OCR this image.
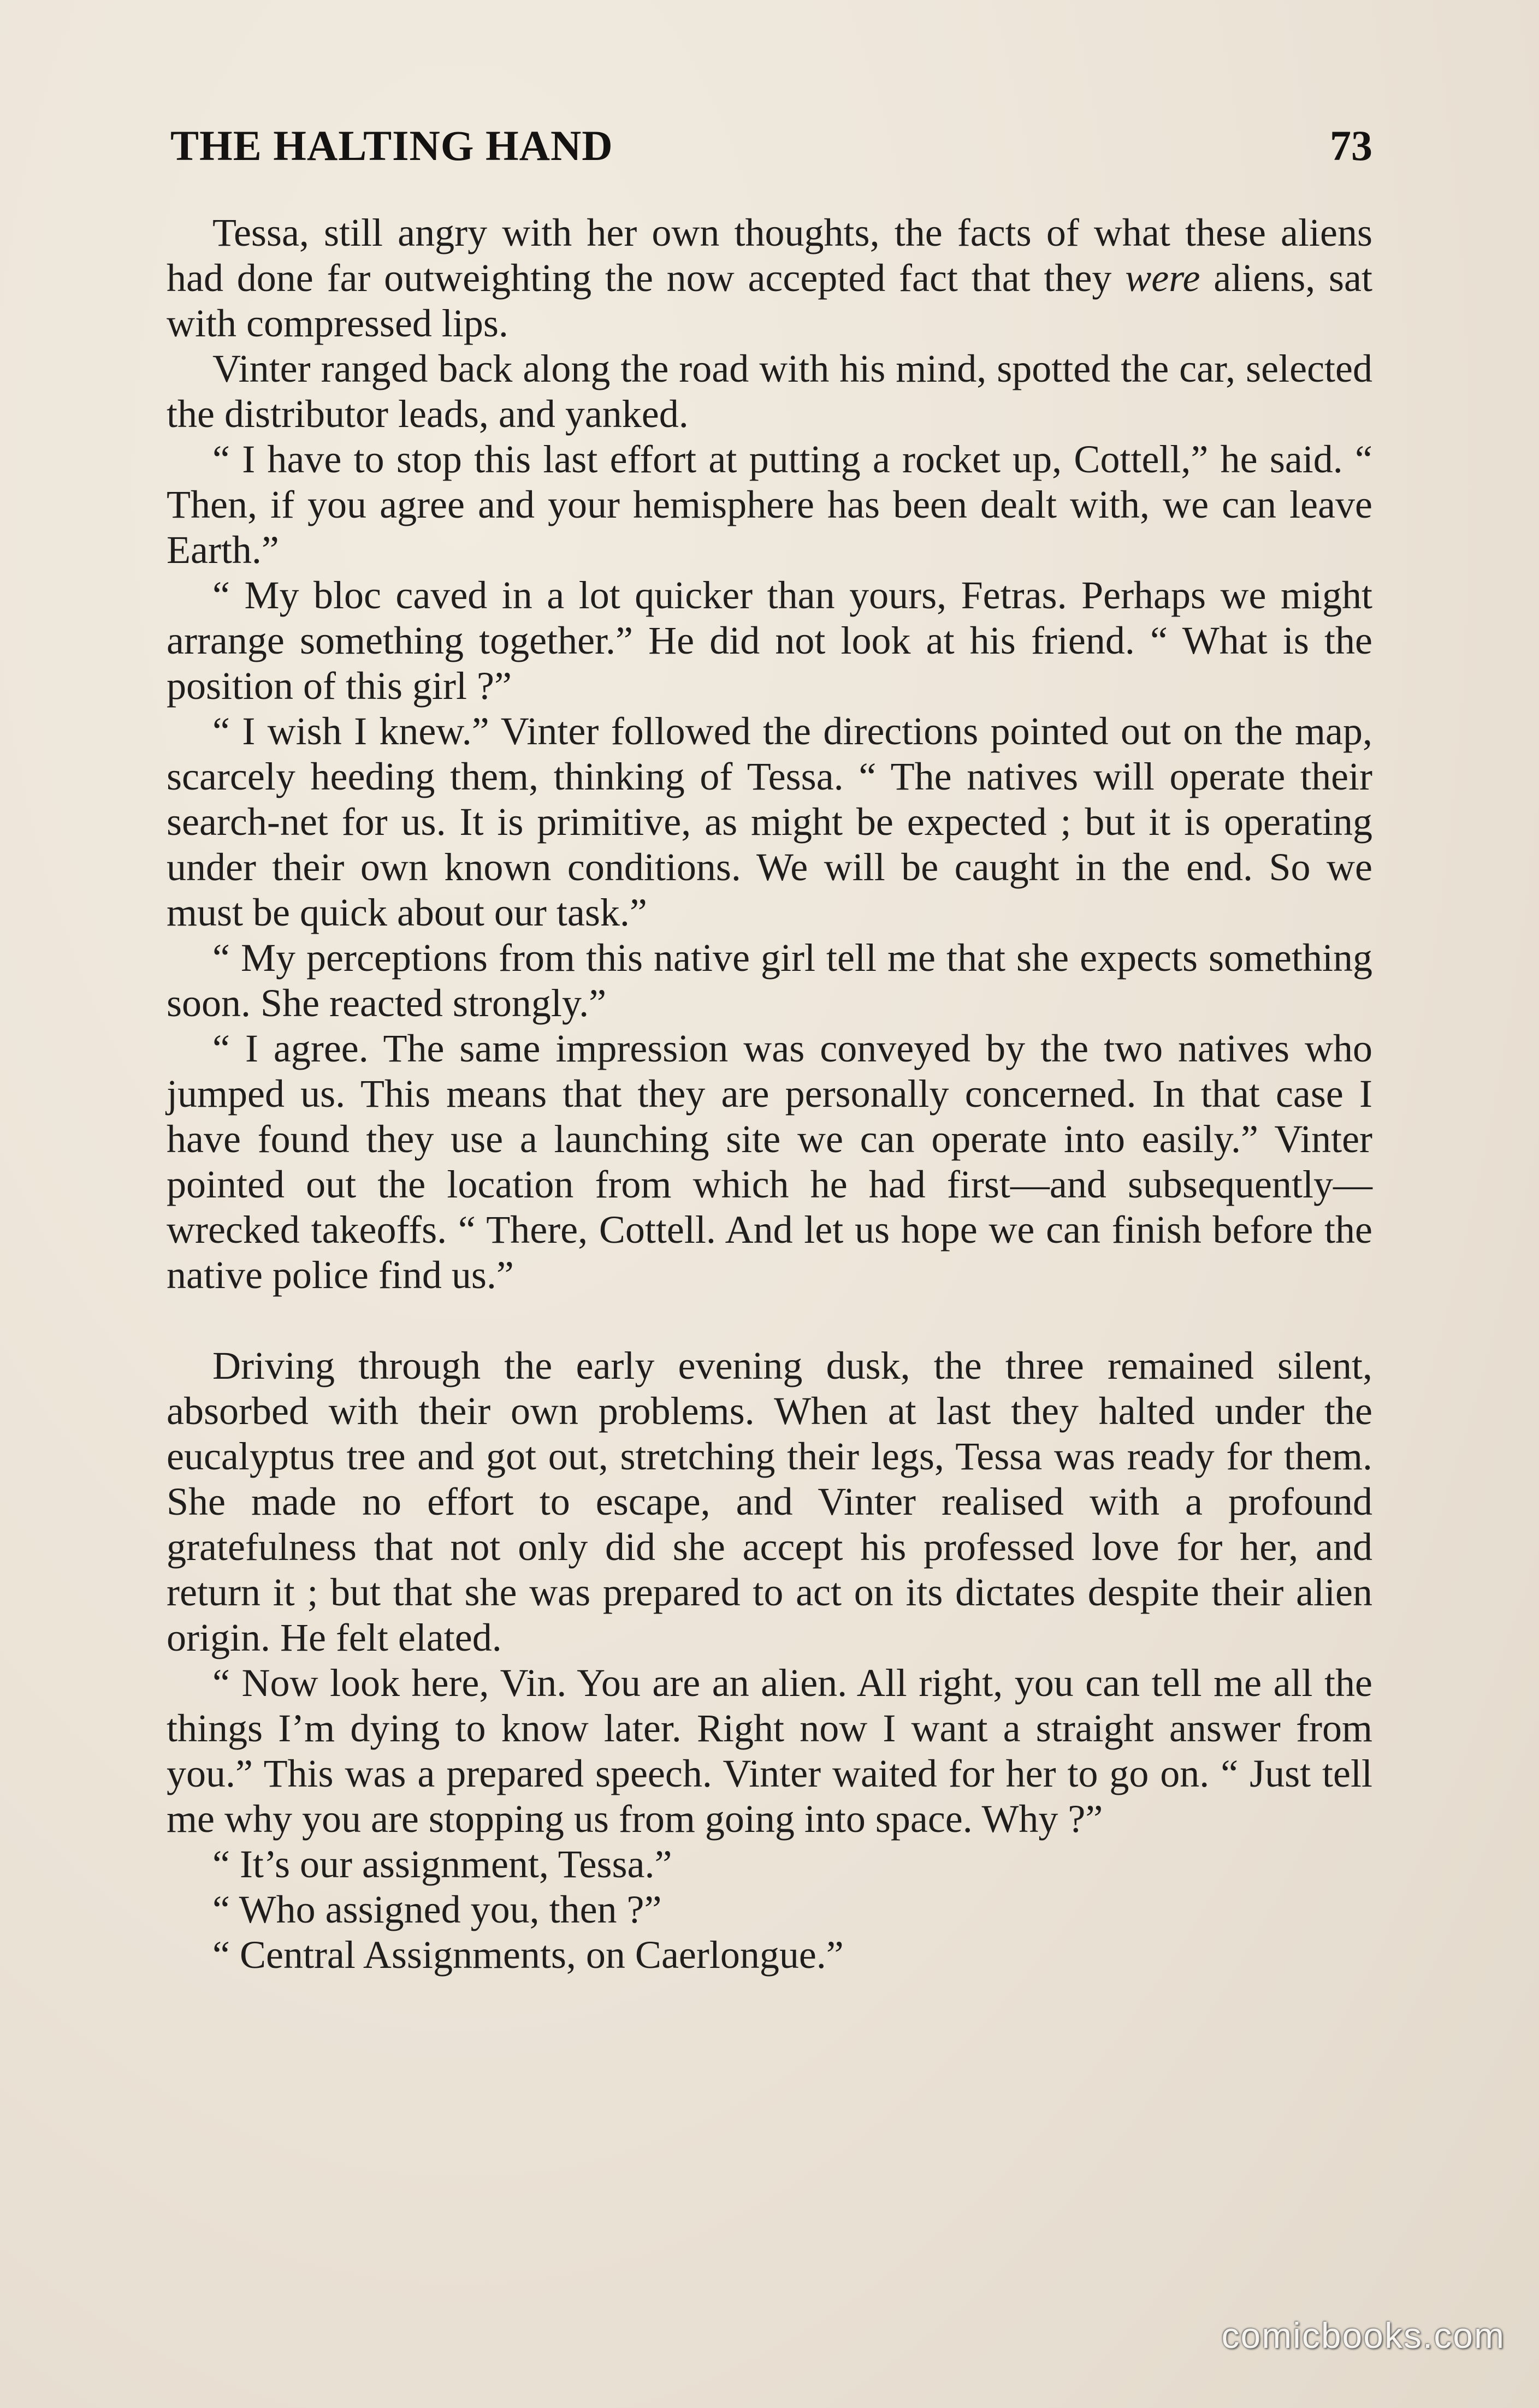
THE HALTING HAND	73

Tessa, still angry with her own thoughts, the facts of what these aliens had done far outweighting the now accepted fact that they were aliens, sat with compressed lips.

Vinter ranged back along the road with his mind, spotted the car, selected the distributor leads, and yanked.

“ I have to stop this last effort at putting a rocket up, Cottell,” he said. “ Then, if you agree and your hemisphere has been dealt with, we can leave Earth.”

“ My bloc caved in a lot quicker than yours, Fetras. Perhaps we might arrange something together.” He did not look at his friend. “ What is the position of this girl ?”

“ I wish I knew.” Vinter followed the directions pointed out on the map, scarcely heeding them, thinking of Tessa. “ The natives will operate their search-net for us. It is primitive, as might be expected ; but it is operating under their own known conditions. We will be caught in the end. So we must be quick about our task.”

“ My perceptions from this native girl tell me that she expects something soon. She reacted strongly.”

“ I agree. The same impression was conveyed by the two natives who jumped us. This means that they are personally concerned. In that case I have found they use a launching site we can operate into easily.” Vinter pointed out the location from which he had first—and subsequently—wrecked takeoffs. “ There, Cottell. And let us hope we can finish before the native police find us.”

Driving through the early evening dusk, the three remained silent, absorbed with their own problems. When at last they halted under the eucalyptus tree and got out, stretching their legs, Tessa was ready for them. She made no effort to escape, and Vinter realised with a profound gratefulness that not only did she accept his professed love for her, and return it ; but that she was prepared to act on its dictates despite their alien origin. He felt elated.

“ Now look here, Vin. You are an alien. All right, you can tell me all the things I’m dying to know later. Right now I want a straight answer from you.” This was a prepared speech. Vinter waited for her to go on. “ Just tell me why you are stopping us from going into space. Why ?”

“ It’s our assignment, Tessa.”

“ Who assigned you, then ?”

“ Central Assignments, on Caerlongue.”

comicbooks.com
